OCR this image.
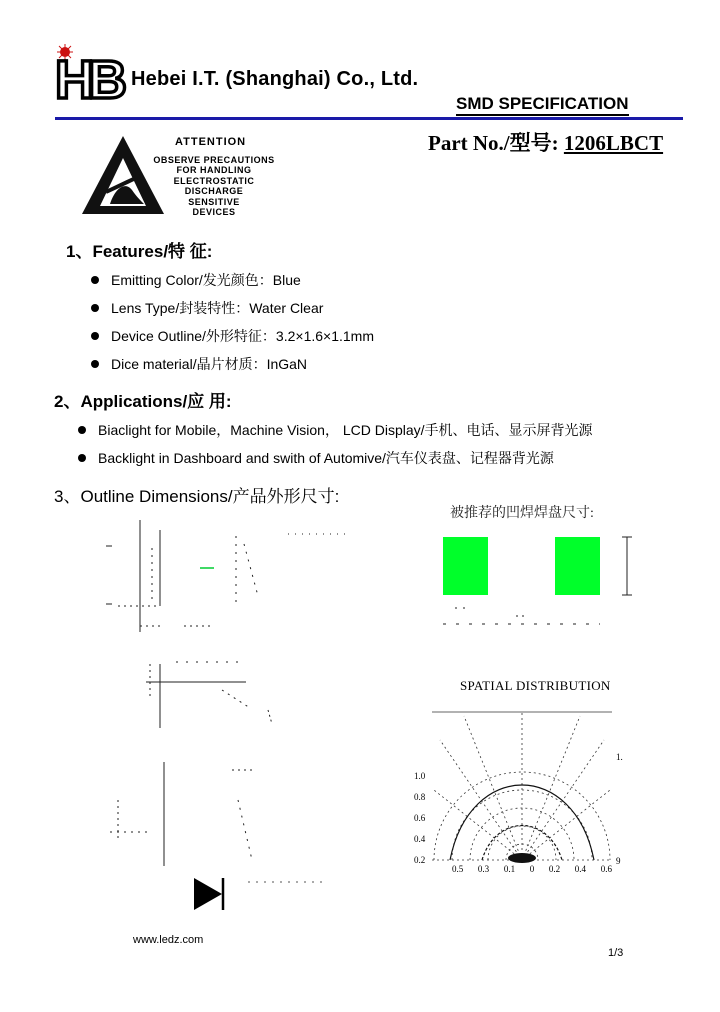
HB Hebei I.T. (Shanghai) Co., Ltd.
SMD SPECIFICATION
Part No./型号: 1206LBCT
ATTENTION
OBSERVE PRECAUTIONS
FOR HANDLING
ELECTROSTATIC
DISCHARGE
SENSITIVE
DEVICES
1、Features/特 征:
Emitting Color/发光颜色：Blue
Lens Type/封装特性：Water Clear
Device Outline/外形特征：3.2×1.6×1.1mm
Dice material/晶片材质：InGaN
2、Applications/应 用:
Biaclight for Mobile，Machine Vision， LCD Display/手机、电话、显示屏背光源
Backlight in Dashboard and swith of Automive/汽车仪表盘、记程器背光源
3、Outline Dimensions/产品外形尺寸:
被推荐的凹焊焊盘尺寸:
SPATIAL DISTRIBUTION
1.0
0.8
0.6
0.4
0.2
0.5 0.3 0.1 0 0.2 0.4 0.6
1.
9
www.ledz.com
1/3
